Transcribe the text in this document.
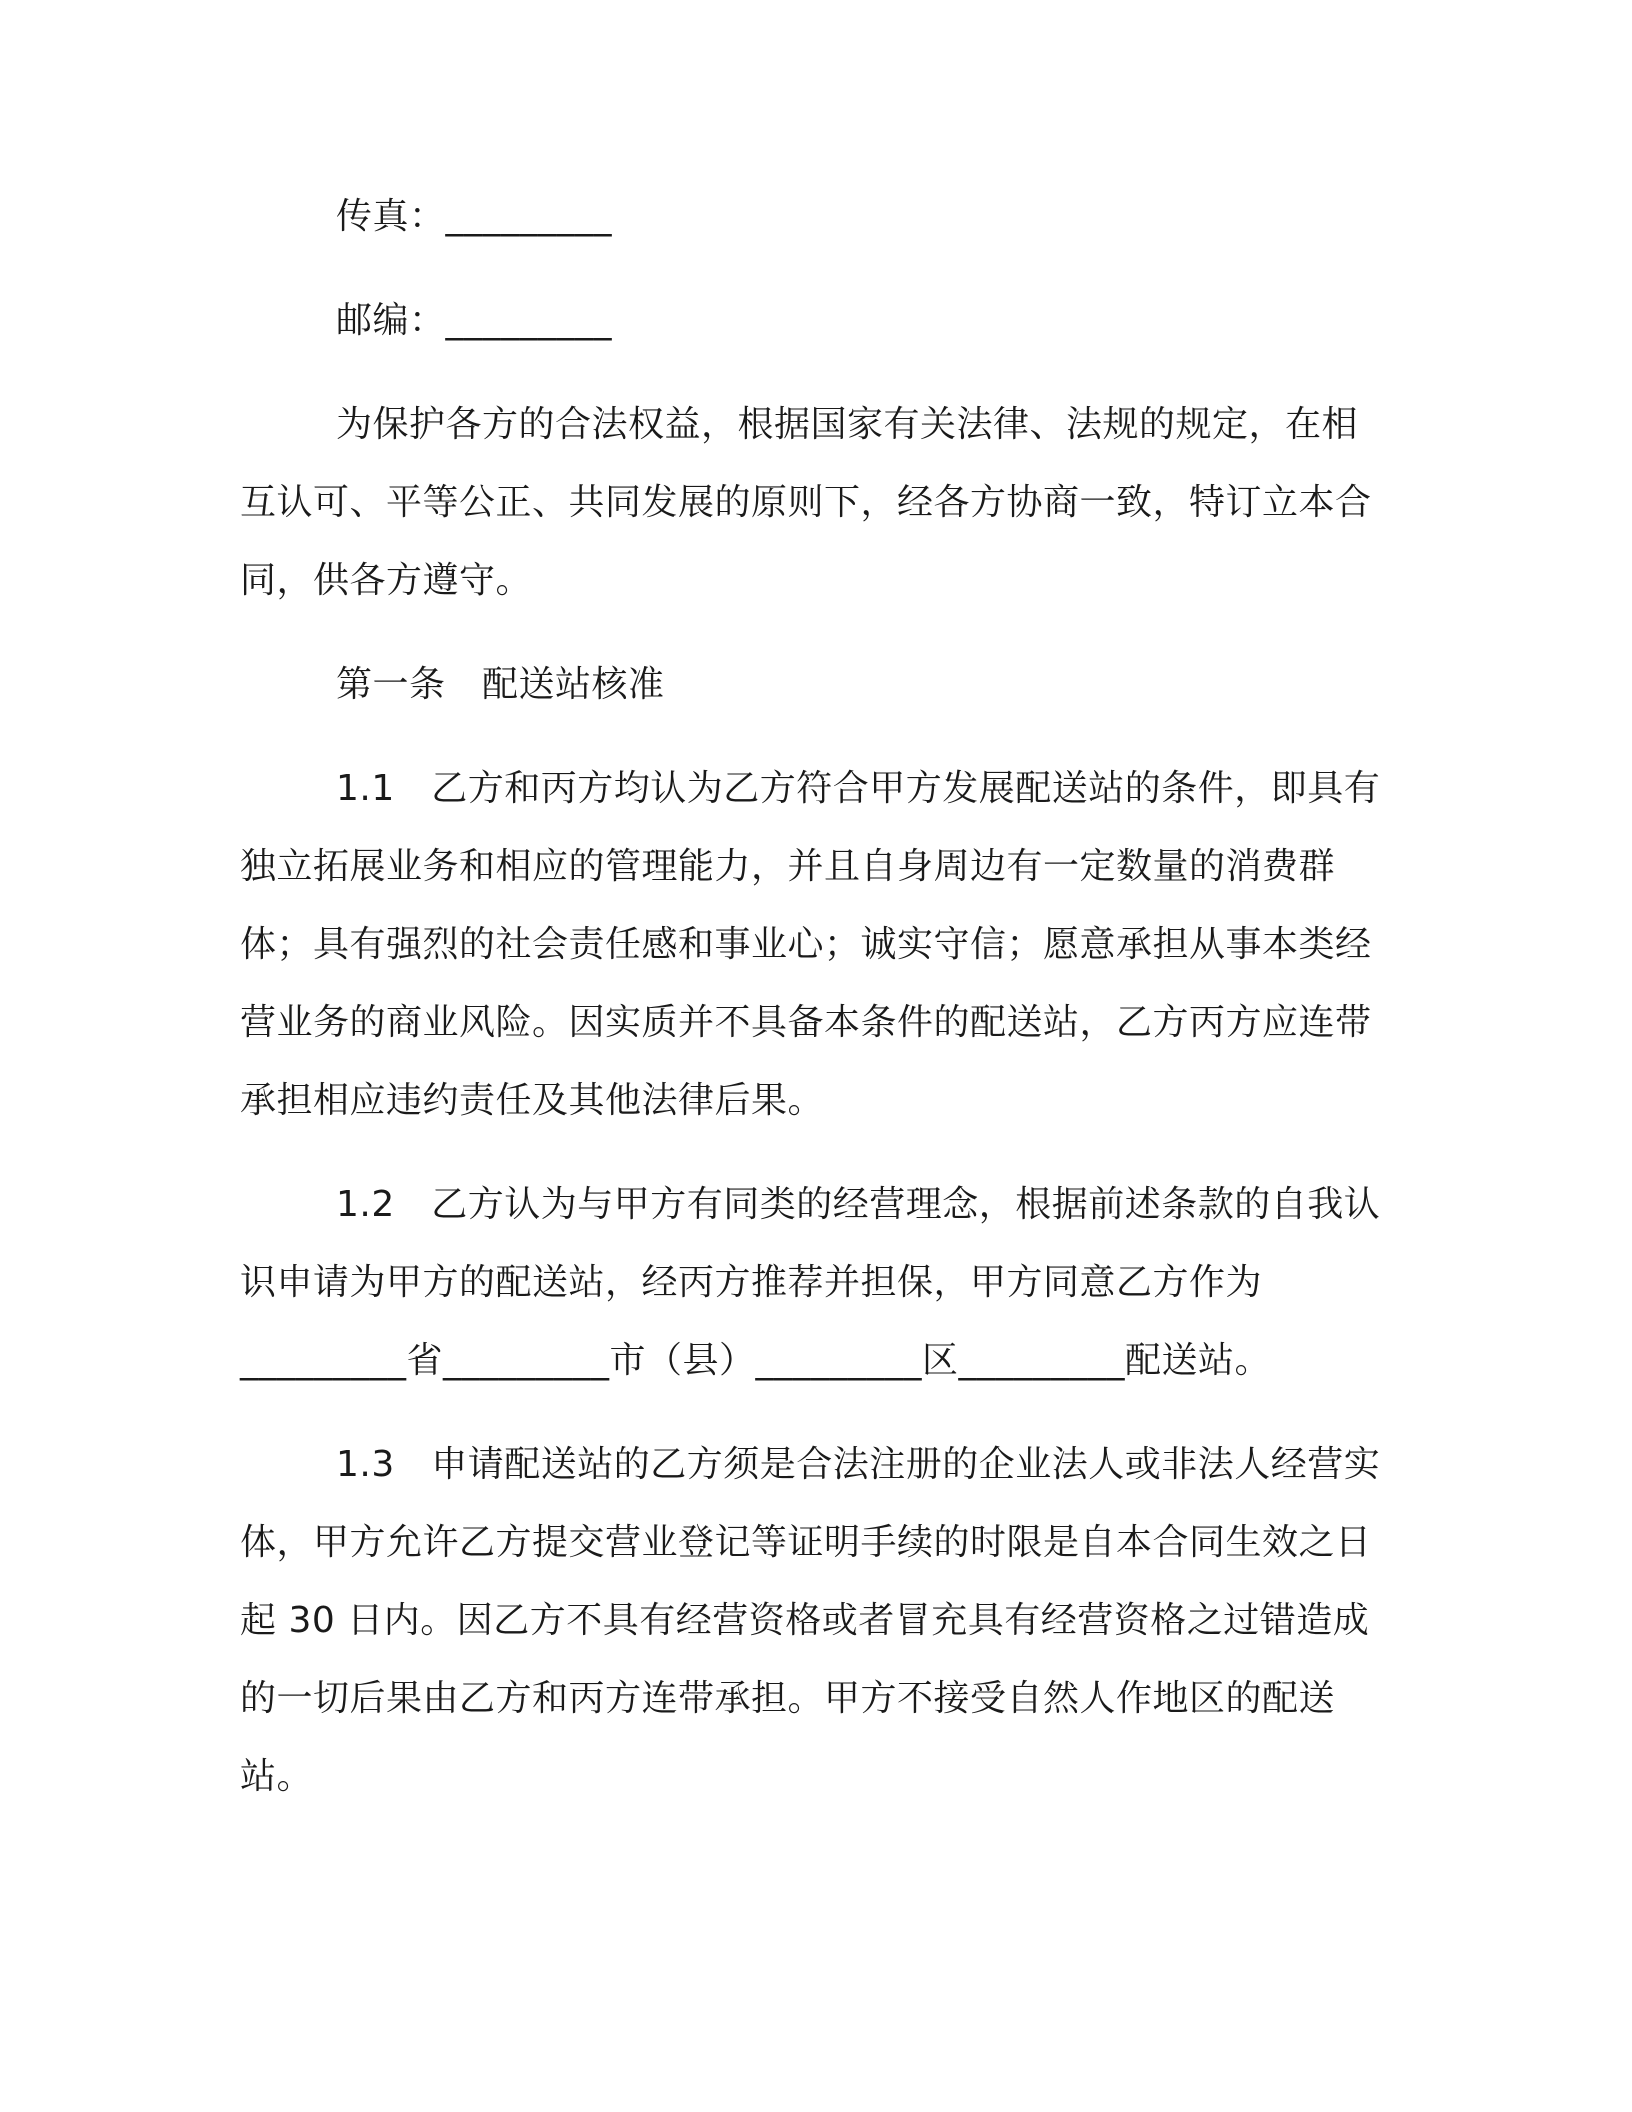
传真：_________

邮编：_________

为保护各方的合法权益，根据国家有关法律、法规的规定，在相互认可、平等公正、共同发展的原则下，经各方协商一致，特订立本合同，供各方遵守。

第一条　配送站核准

1.1　乙方和丙方均认为乙方符合甲方发展配送站的条件，即具有独立拓展业务和相应的管理能力，并且自身周边有一定数量的消费群体；具有强烈的社会责任感和事业心；诚实守信；愿意承担从事本类经营业务的商业风险。因实质并不具备本条件的配送站，乙方丙方应连带承担相应违约责任及其他法律后果。

1.2　乙方认为与甲方有同类的经营理念，根据前述条款的自我认识申请为甲方的配送站，经丙方推荐并担保，甲方同意乙方作为_________省_________市（县）_________区_________配送站。

1.3　申请配送站的乙方须是合法注册的企业法人或非法人经营实体，甲方允许乙方提交营业登记等证明手续的时限是自本合同生效之日起 30 日内。因乙方不具有经营资格或者冒充具有经营资格之过错造成的一切后果由乙方和丙方连带承担。甲方不接受自然人作地区的配送站。
